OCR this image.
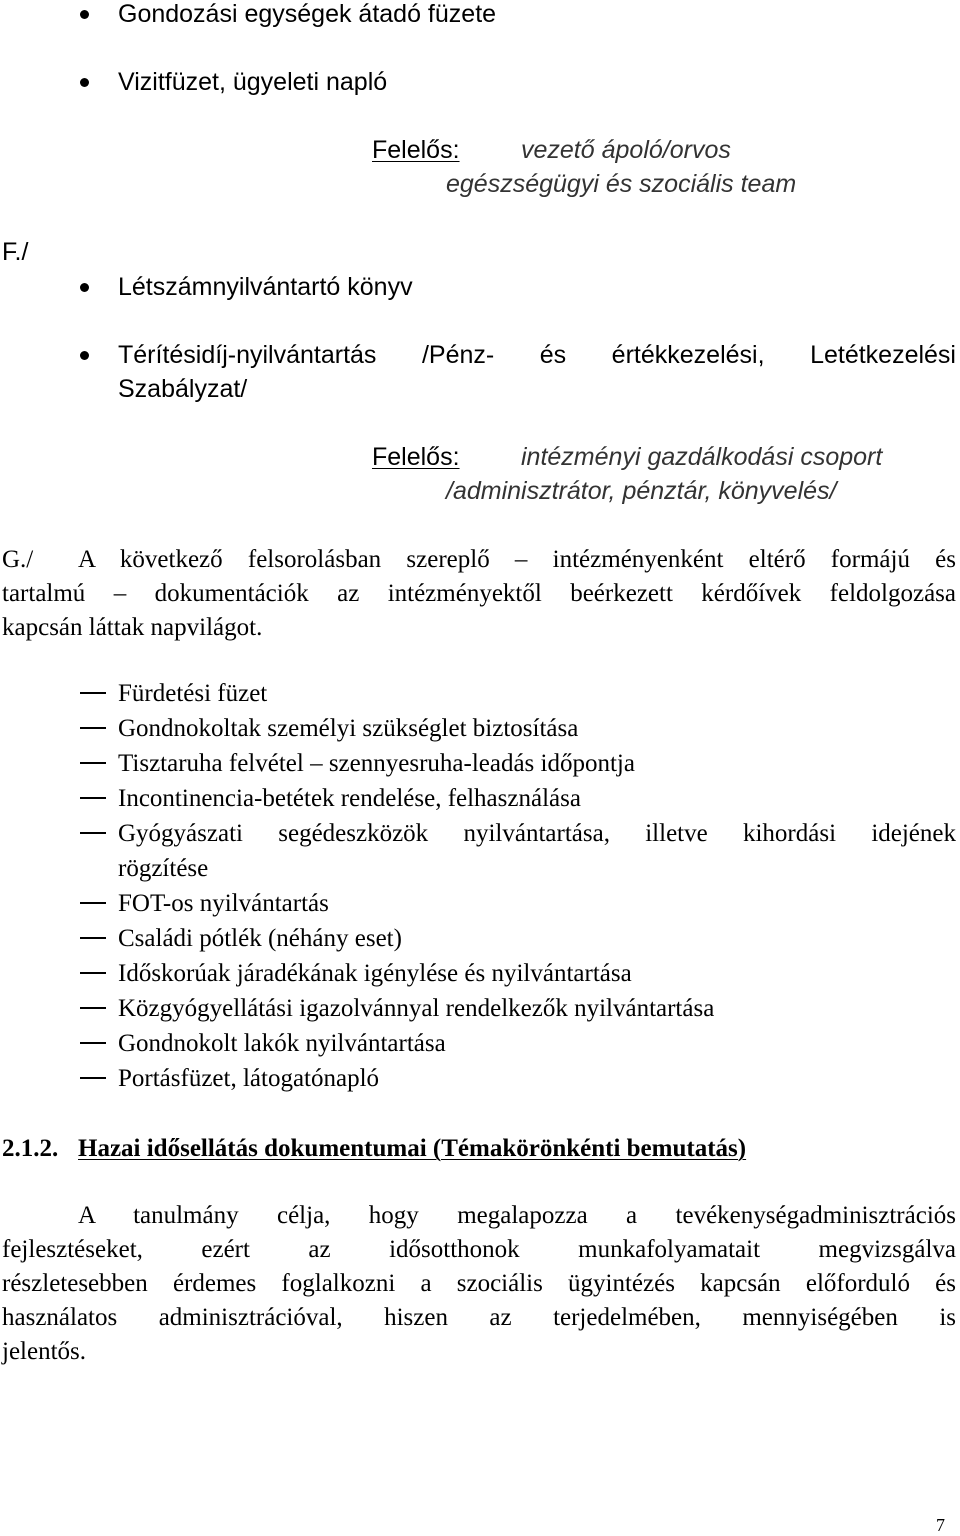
Gondozási egységek átadó füzete
Vizitfüzet, ügyeleti napló
Felelős: vezető ápoló/orvos
egészségügyi és szociális team
F./
Létszámnyilvántartó könyv
Térítésidíj-nyilvántartás /Pénz- és értékkezelési, Letétkezelési
Szabályzat/
Felelős: intézményi gazdálkodási csoport
/adminisztrátor, pénztár, könyvelés/
G./ A következő felsorolásban szereplő – intézményenként eltérő formájú és
tartalmú – dokumentációk az intézményektől beérkezett kérdőívek feldolgozása
kapcsán láttak napvilágot.
Fürdetési füzet
Gondnokoltak személyi szükséglet biztosítása
Tisztaruha felvétel – szennyesruha-leadás időpontja
Incontinencia-betétek rendelése, felhasználása
Gyógyászati segédeszközök nyilvántartása, illetve kihordási idejének
rögzítése
FOT-os nyilvántartás
Családi pótlék (néhány eset)
Időskorúak járadékának igénylése és nyilvántartása
Közgyógyellátási igazolvánnyal rendelkezők nyilvántartása
Gondnokolt lakók nyilvántartása
Portásfüzet, látogatónapló
2.1.2. Hazai idősellátás dokumentumai (Témakörönkénti bemutatás)
A tanulmány célja, hogy megalapozza a tevékenységadminisztrációs
fejlesztéseket, ezért az idősotthonok munkafolyamatait megvizsgálva
részletesebben érdemes foglalkozni a szociális ügyintézés kapcsán előforduló és
használatos adminisztrációval, hiszen az terjedelmében, mennyiségében is
jelentős.
7
